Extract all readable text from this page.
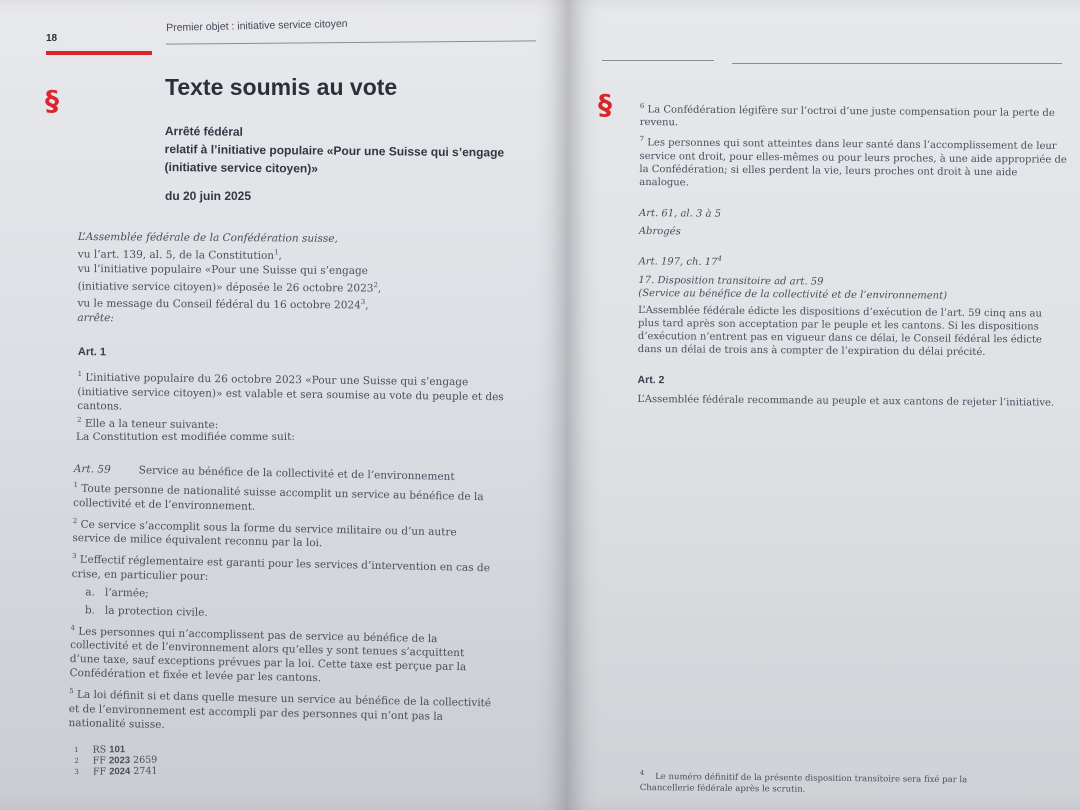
18
Premier objet : initiative service citoyen
§	Texte soumis au vote
Arrêté fédéral
relatif à l’initiative populaire «Pour une Suisse qui s’engage
(initiative service citoyen)»
du 20 juin 2025
L’Assemblée fédérale de la Confédération suisse,
vu l’art. 139, al. 5, de la Constitution$^1$,
vu l’initiative populaire «Pour une Suisse qui s’engage
(initiative service citoyen)» déposée le 26 octobre 2023$^2$,
vu le message du Conseil fédéral du 16 octobre 2024$^3$,
arrête:
Art. 1

$^1$ L’initiative populaire du 26 octobre 2023 «Pour une Suisse qui s’engage (initiative service citoyen)» est valable et sera soumise au vote du peuple et des cantons.

$^2$ Elle a la teneur suivante:

La Constitution est modifiée comme suit:
Art. 59	Service au bénéfice de la collectivité et de l’environnement

$^1$ Toute personne de nationalité suisse accomplit un service au bénéfice de la collectivité et de l’environnement.

$^2$ Ce service s’accomplit sous la forme du service militaire ou d’un autre service de milice équivalent reconnu par la loi.

$^3$ L’effectif réglementaire est garanti pour les services d’intervention en cas de crise, en particulier pour:

a. l’armée;
b. la protection civile.

$^4$ Les personnes qui n’accomplissent pas de service au bénéfice de la collectivité et de l’environnement alors qu’elles y sont tenues s’acquittent d’une taxe, sauf exceptions prévues par la loi. Cette taxe est perçue par la Confédération et fixée et levée par les cantons.

$^5$ La loi définit si et dans quelle mesure un service au bénéfice de la collectivité et de l’environnement est accompli par des personnes qui n’ont pas la nationalité suisse.

1 RS 101
2 FF 2023 2659
3 FF 2024 2741
§	$^6$ La Confédération légifère sur l’octroi d’une juste compensation pour la perte de revenu.

$^7$ Les personnes qui sont atteintes dans leur santé dans l’accomplissement de leur service ont droit, pour elles-mêmes ou pour leurs proches, à une aide appropriée de la Confédération; si elles perdent la vie, leurs proches ont droit à une aide analogue.

Art. 61, al. 3 à 5
Abrogés
Art. 197, ch. $17^4$
17. Disposition transitoire ad art. 59
(Service au bénéfice de la collectivité et de l’environnement)

L’Assemblée fédérale édicte les dispositions d’exécution de l’art. 59 cinq ans au plus tard après son acceptation par le peuple et les cantons. Si les dispositions d’exécution n’entrent pas en vigueur dans ce délai, le Conseil fédéral les édicte dans un délai de trois ans à compter de l’expiration du délai précité.

Art. 2

L’Assemblée fédérale recommande au peuple et aux cantons de rejeter l’initiative.

$^4$ Le numéro définitif de la présente disposition transitoire sera fixé par la Chancellerie fédérale après le scrutin.
